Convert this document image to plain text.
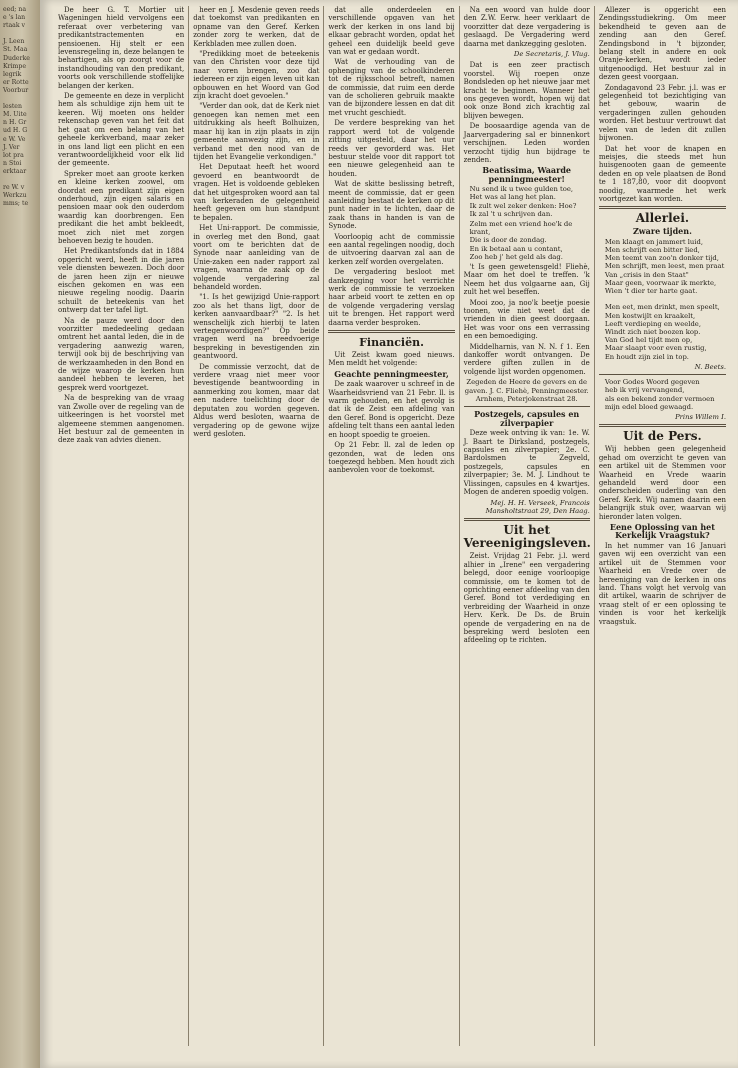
eed; na
e 's lan
rtaak v

J. Leen
St. Maa
Duderke
Krimpe
legrik
er Rotte
Voorbur

lesten
M. Uite
n H. Gr
ud H. G
e W. Ve
J. Ver
lot pra
n Stoi
erktaar

re W. v
Werkzu
mms; te

De heer G. T. Mortier uit Wageningen hield vervolgens een referaat over verbetering van predikantstractementen en pensioenen. Hij stelt er een levensregeling in, deze belangen te behartigen, als op zoorgt voor de instandhouding van den predikant, voorts ook verschillende stoffelijke belangen der kerken.

De gemeente en deze in verplicht hem als schuldige zijn hem uit te keeren. Wij moeten ons helder rekenschap geven van het feit dat het gaat om een belang van het geheele kerkverband, maar zeker in ons land ligt een plicht en een verantwoordelijkheid voor elk lid der gemeente.

Spreker moet aan groote kerken en kleine kerken zoowel, om doordat een predikant zijn eigen onderhoud, zijn eigen salaris en pensioen maar ook den ouderdom waardig kan doorbrengen. Een predikant die het ambt bekleedt, moet zich niet met zorgen behoeven bezig te houden.

Het Predikantsfonds dat in 1884 opgericht werd, heeft in die jaren vele diensten bewezen. Doch door de jaren heen zijn er nieuwe eischen gekomen en was een nieuwe regeling noodig. Daarin schuilt de beteekenis van het ontwerp dat ter tafel ligt.

Na de pauze werd door den voorzitter mededeeling gedaan omtrent het aantal leden, die in de vergadering aanwezig waren, terwijl ook bij de beschrijving van de werkzaamheden in den Bond en de wijze waarop de kerken hun aandeel hebben te leveren, het gesprek werd voortgezet.

Na de bespreking van de vraag van Zwolle over de regeling van de uitkeeringen is het voorstel met algemeene stemmen aangenomen. Het bestuur zal de gemeenten in deze zaak van advies dienen.

heer en J. Mesdenie geven reeds dat toekomst van predikanten en opname van den Geref. Kerken zonder zorg te werken, dat de Kerkbladen mee zullen doen.

"Predikking moet de beteekenis van den Christen voor deze tijd naar voren brengen, zoo dat iedereen er zijn eigen leven uit kan opbouwen en het Woord van God zijn kracht doet gevoelen."

"Verder dan ook, dat de Kerk niet genoegen kan nemen met een uitdrukking als heeft Bolhuizen, maar hij kan in zijn plaats in zijn gemeente aanwezig zijn, en in verband met den nood van de tijden het Evangelie verkondigen."

Het Deputaat heeft het woord gevoerd en beantwoordt de vragen. Het is voldoende gebleken dat het uitgesproken woord aan tal van kerkeraden de gelegenheid heeft gegeven om hun standpunt te bepalen.

Het Uni-rapport. De commissie, in overleg met den Bond, gaat voort om te berichten dat de Synode naar aanleiding van de Unie-zaken een nader rapport zal vragen, waarna de zaak op de volgende vergadering zal behandeld worden.

"1. Is het gewijzigd Unie-rapport zoo als het thans ligt, door de kerken aanvaardbaar?" "2. Is het wenschelijk zich hierbij te laten vertegenwoordigen?" Op beide vragen werd na breedvoerige bespreking in bevestigenden zin geantwoord.

De commissie verzocht, dat de verdere vraag niet meer voor bevestigende beantwoording in aanmerking zou komen, maar dat een nadere toelichting door de deputaten zou worden gegeven. Aldus werd besloten, waarna de vergadering op de gewone wijze werd gesloten.

dat alle onderdeelen en verschillende opgaven van het werk der kerken in ons land bij elkaar gebracht worden, opdat het geheel een duidelijk beeld geve van wat er gedaan wordt.

Wat de verhouding van de ophenging van de schoolkinderen tot de rijksschool betreft, namen de commissie, dat ruim een derde van de scholieren gebruik maakte van de bijzondere lessen en dat dit met vrucht geschiedt.

De verdere bespreking van het rapport werd tot de volgende zitting uitgesteld, daar het uur reeds ver gevorderd was. Het bestuur stelde voor dit rapport tot een nieuwe gelegenheid aan te houden.

Wat de skitte beslissing betreft, meent de commissie, dat er geen aanleiding bestaat de kerken op dit punt nader in te lichten, daar de zaak thans in handen is van de Synode.

Voorloopig acht de commissie een aantal regelingen noodig, doch de uitvoering daarvan zal aan de kerken zelf worden overgelaten.

De vergadering besloot met dankzegging voor het verrichte werk de commissie te verzoeken haar arbeid voort te zetten en op de volgende vergadering verslag uit te brengen. Het rapport werd daarna verder besproken.

Financiën.

Uit Zeist kwam goed nieuws. Men meldt het volgende:

Geachte penningmeester,

De zaak waarover u schreef in de Waarheidsvriend van 21 Febr. ll. is warm gehouden, en het gevolg is dat ik de Zeist een afdeling van den Geref. Bond is opgericht. Deze afdeling telt thans een aantal leden en hoopt spoedig te groeien.

Op 21 Febr. ll. zal de leden op gezonden, wat de leden ons toegezegd hebben. Men houdt zich aanbevolen voor de toekomst.

Na een woord van hulde door den Z.W. Eerw. heer verklaart de voorzitter dat deze vergadering is geslaagd. De Vergadering werd daarna met dankzegging gesloten.

De Secretaris, J. Vlug.

Dat is een zeer practisch voorstel. Wij roepen onze Bondsleden op het nieuwe jaar met kracht te beginnen. Wanneer het ons gegeven wordt, hopen wij dat ook onze Bond zich krachtig zal blijven bewegen.

De boosaardige agenda van de Jaarvergadering sal er binnenkort verschijnen. Leden worden verzocht tijdig hun bijdrage te zenden.

Beatissima, Waarde penningmeester!
Nu send ik u twee gulden toe,
Het was al lang het plan.
Ik zult wel zeker denken: Hoe?
Ik zal 't u schrijven dan.
Zelm met een vriend hoe'k de krant,
Die is door de zondag.
En ik betaal aan u contant,
Zoo heb j' het geld als dag.

't Is geen gewetensgeld! Fliehè, Maar om het doel te treffen. 'k Neem het dus volgaarne aan, Gij zult het wel beseffen.

Mooi zoo, ja noo'k beetje poesie toonen, wie niet weet dat de vrienden in dien geest doorgaan. Het was voor ons een verrassing en een bemoediging.

Middelharnis, van N. N. f 1. Een dankoffer wordt ontvangen. De verdere giften zullen in de volgende lijst worden opgenomen.

Zegeden de Heere de gevers en de gaven. J. C. Fliehè, Penningmeester. Arnhem, Peterjokenstraat 28.
Postzegels, capsules en zilverpapier

Deze week ontving ik van: 1e. W. J. Baart te Dirksland, postzegels, capsules en zilverpapier; 2e. C. Bardolsmen te Zegveld, postzegels, capsules en zilverpapier; 3e. M. J. Lindhout te Vlissingen, capsules en 4 kwartjes. Mogen de anderen spoedig volgen.

Mej. H. H. Verseek, Francois Mansholtstraat 29, Den Haag.
Uit het Vereenigingsleven.

Zeist. Vrijdag 21 Febr. j.l. werd alhier in „Irene" een vergadering belegd, door eenige voorloopige commissie, om te komen tot de oprichting eener afdeeling van den Geref. Bond tot verdediging en verbreiding der Waarheid in onze Herv. Kerk. De Ds. de Bruin opende de vergadering en na de bespreking werd besloten een afdeeling op te richten.

Allezer is opgericht een Zendingsstudiekring. Om meer bekendheid te geven aan de zending aan den Geref. Zendingsbond in 't bijzonder, belang stelt in andere en ook Oranje-kerken, wordt ieder uitgenoodigd. Het bestuur zal in dezen geest voorgaan.

Zondagavond 23 Febr. j.l. was er gelegenheid tot bezichtiging van het gebouw, waarin de vergaderingen zullen gehouden worden. Het bestuur vertrouwt dat velen van de leden dit zullen bijwonen.

Dat het voor de knapen en meisjes, die steeds met hun huisgenooten gaan de gemeente deden en op vele plaatsen de Bond te 1 187,80, voor dit doopvont noodig, waarmede het werk voortgezet kan worden.

Allerlei.
Zware tijden.
Men klaagt en jammert luid,
Men schrijft een bitter lied,
Men teemt van zoo'n donker tijd,
Men schrijft, men leest, men praat
Van „crisis in den Staat"
Maar geen, voorwaar ik merkte,
Wien 't dier ter harte gaat.

Men eet, men drinkt, men speelt,
Men kostwijlt en kraakelt,
Leeft verdieping en weelde,
Windt zich niet boozen kop.
Van God hel tijdt men op,
Maar slaapt voor even rustig,
En houdt zijn ziel in top.
N. Beets.
Voor Godes Woord gegeven
heb ik vrij vervangend,
als een bekend zonder vermoen
mijn edel bloed gewaagd.
Prins Willem I.
Uit de Pers.

Wij hebben geen gelegenheid gehad om overzicht te geven van een artikel uit de Stemmen voor Waarheid en Vrede waarin gehandeld werd door een onderscheiden ouderling van den Geref. Kerk. Wij namen daarin een belangrijk stuk over, waarvan wij hieronder laten volgen.

Eene Oplossing van het Kerkelijk Vraagstuk?

In het nummer van 16 Januari gaven wij een overzicht van een artikel uit de Stemmen voor Waarheid en Vrede over de hereeniging van de kerken in ons land. Thans volgt het vervolg van dit artikel, waarin de schrijver de vraag stelt of er een oplossing te vinden is voor het kerkelijk vraagstuk.
